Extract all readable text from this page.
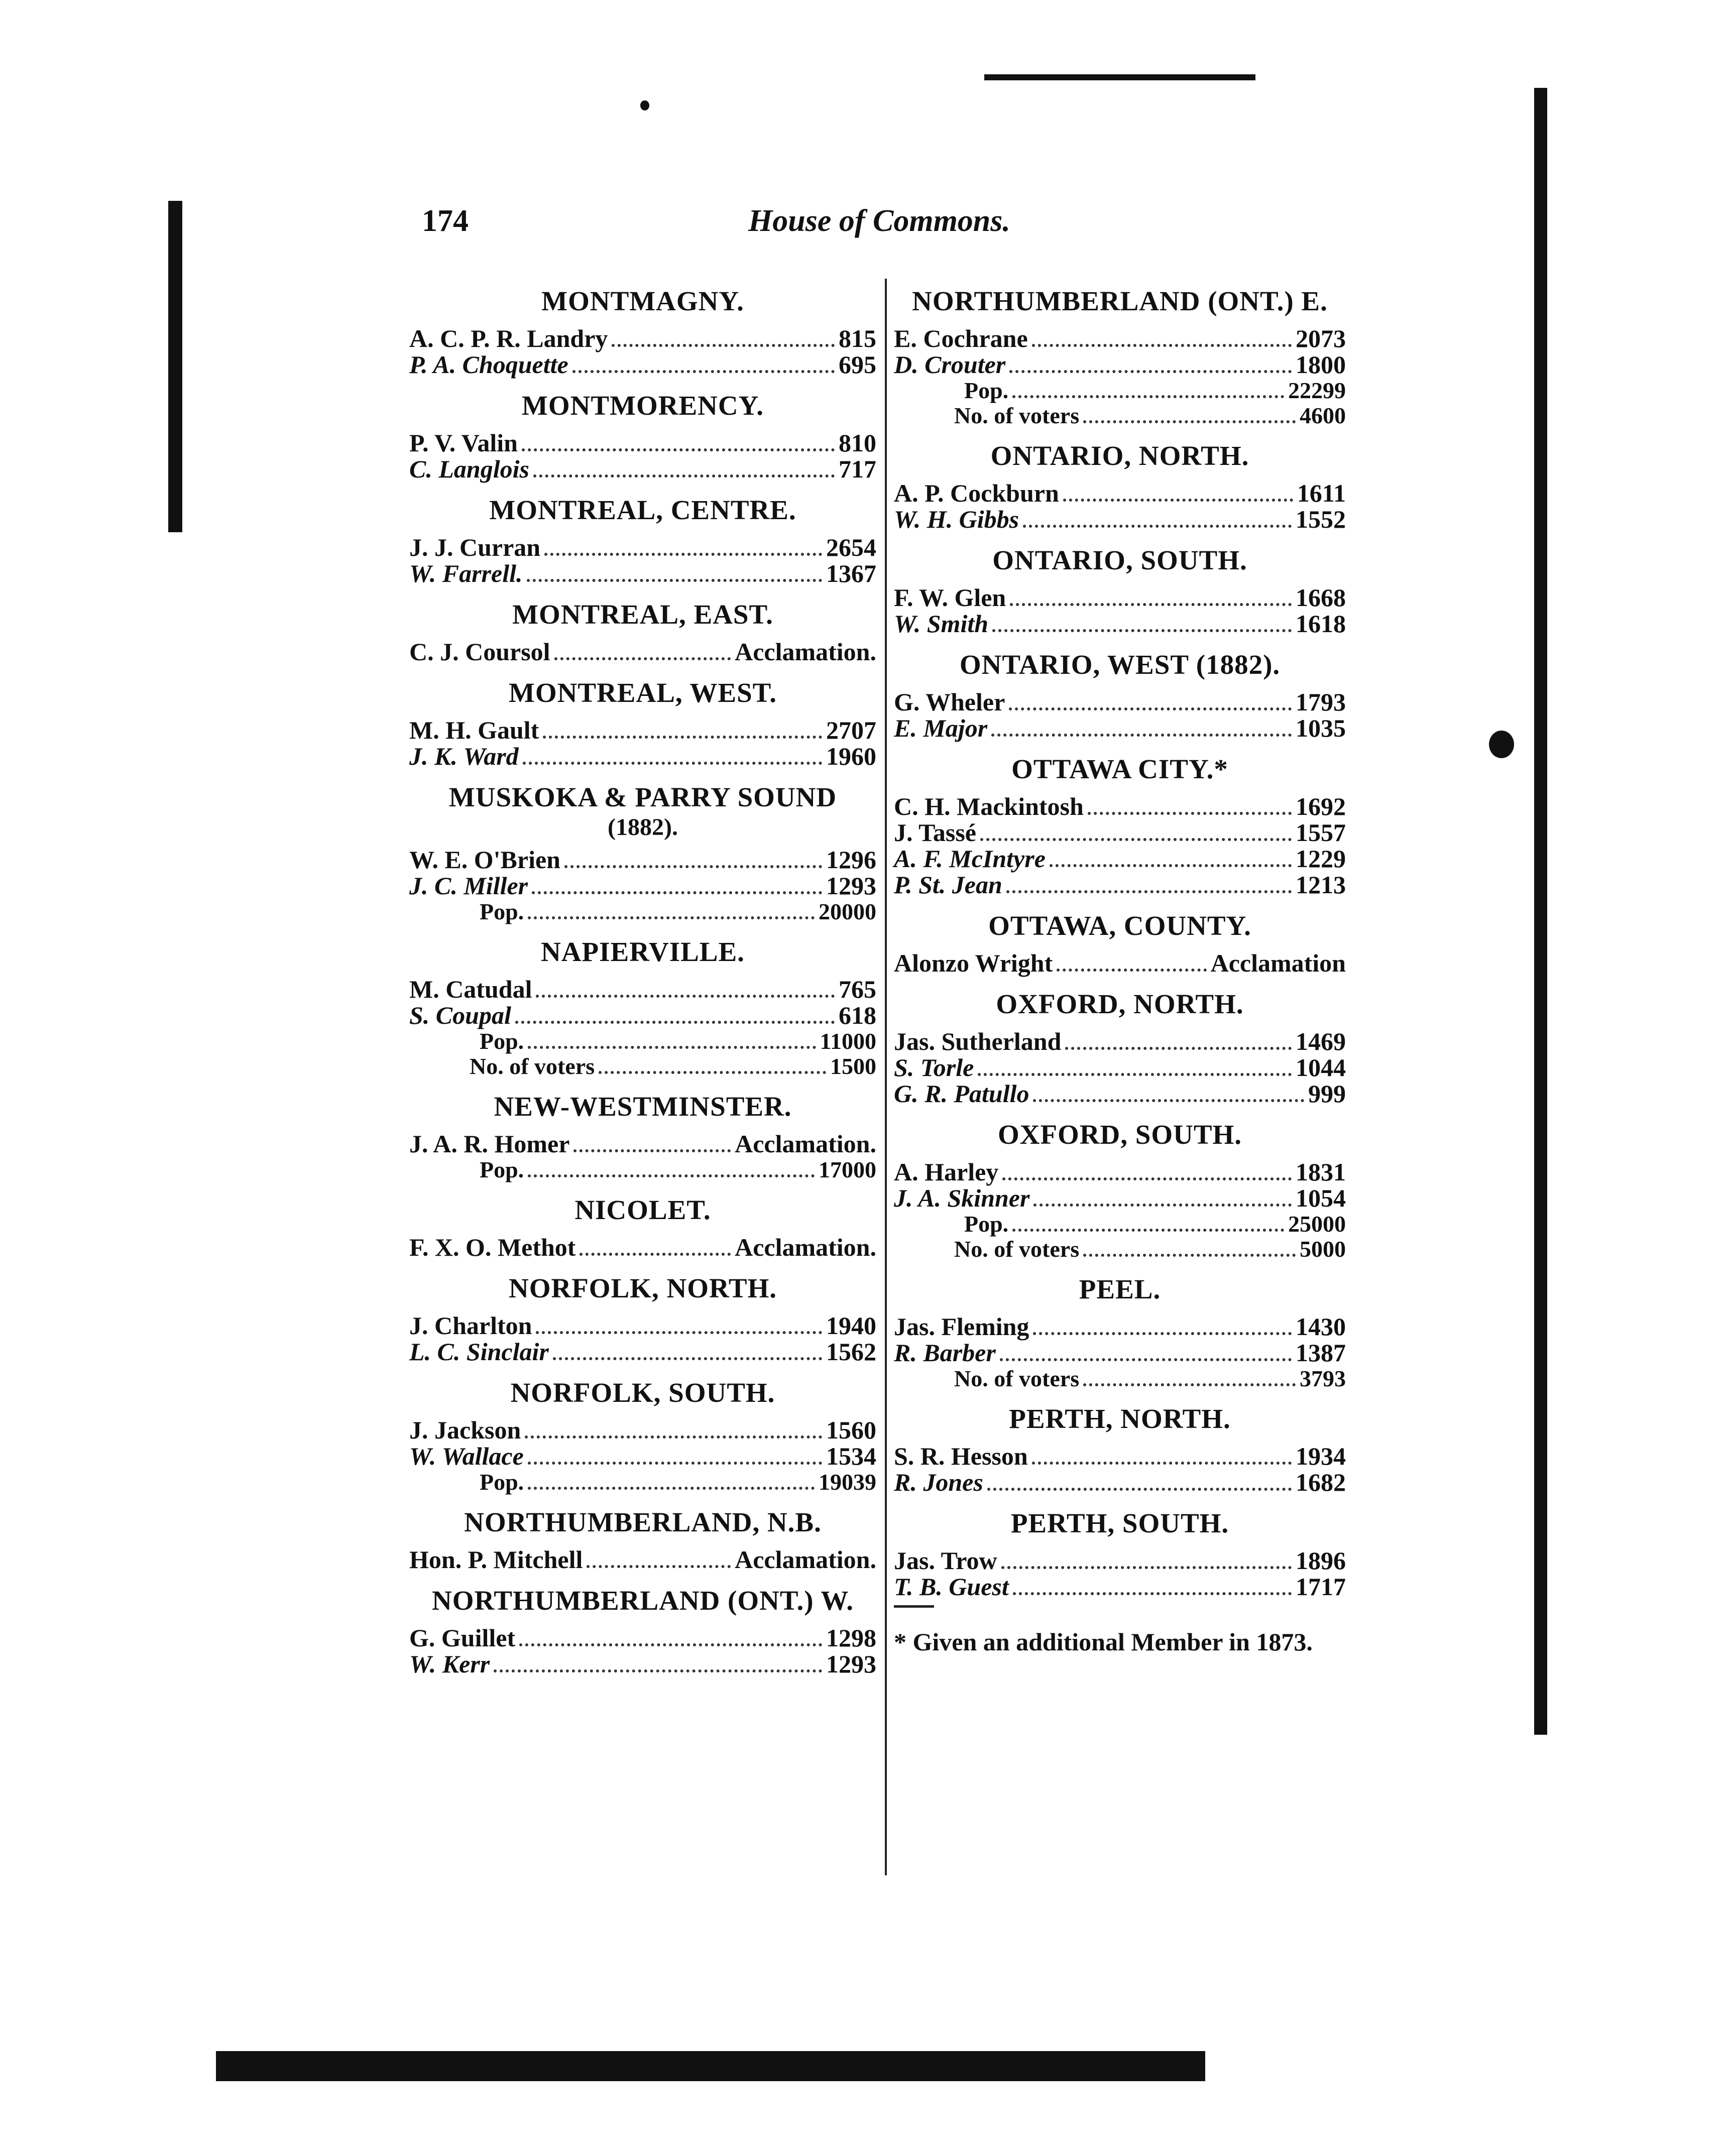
174	House of Commons.
MONTMAGNY.
A. C. P. R. Landry	815
P. A. Choquette	695
MONTMORENCY.
P. V. Valin	810
C. Langlois	717
MONTREAL, CENTRE.
J. J. Curran	2654
W. Farrell.	1367
MONTREAL, EAST.
C. J. Coursol	Acclamation.
MONTREAL, WEST.
M. H. Gault	2707
J. K. Ward	1960
MUSKOKA & PARRY SOUND
(1882).
W. E. O'Brien	1296
J. C. Miller	1293
Pop.	20000
NAPIERVILLE.
M. Catudal	765
S. Coupal	618
Pop.	11000
No. of voters	1500
NEW-WESTMINSTER.
J. A. R. Homer	Acclamation.
Pop.	17000
NICOLET.
F. X. O. Methot	Acclamation.
NORFOLK, NORTH.
J. Charlton	1940
L. C. Sinclair	1562
NORFOLK, SOUTH.
J. Jackson	1560
W. Wallace	1534
Pop.	19039
NORTHUMBERLAND, N.B.
Hon. P. Mitchell	Acclamation.
NORTHUMBERLAND (ONT.) W.
G. Guillet	1298
W. Kerr	1293
NORTHUMBERLAND (ONT.) E.
E. Cochrane	2073
D. Crouter	1800
Pop.	22299
No. of voters	4600
ONTARIO, NORTH.
A. P. Cockburn	1611
W. H. Gibbs	1552
ONTARIO, SOUTH.
F. W. Glen	1668
W. Smith	1618
ONTARIO, WEST (1882).
G. Wheler	1793
E. Major	1035
OTTAWA CITY.*
C. H. Mackintosh	1692
J. Tassé	1557
A. F. McIntyre	1229
P. St. Jean	1213
OTTAWA, COUNTY.
Alonzo Wright	Acclamation
OXFORD, NORTH.
Jas. Sutherland	1469
S. Torle	1044
G. R. Patullo	999
OXFORD, SOUTH.
A. Harley	1831
J. A. Skinner	1054
Pop.	25000
No. of voters	5000
PEEL.
Jas. Fleming	1430
R. Barber	1387
No. of voters	3793
PERTH, NORTH.
S. R. Hesson	1934
R. Jones	1682
PERTH, SOUTH.
Jas. Trow	1896
T. B. Guest	1717
* Given an additional Member in 1873.
